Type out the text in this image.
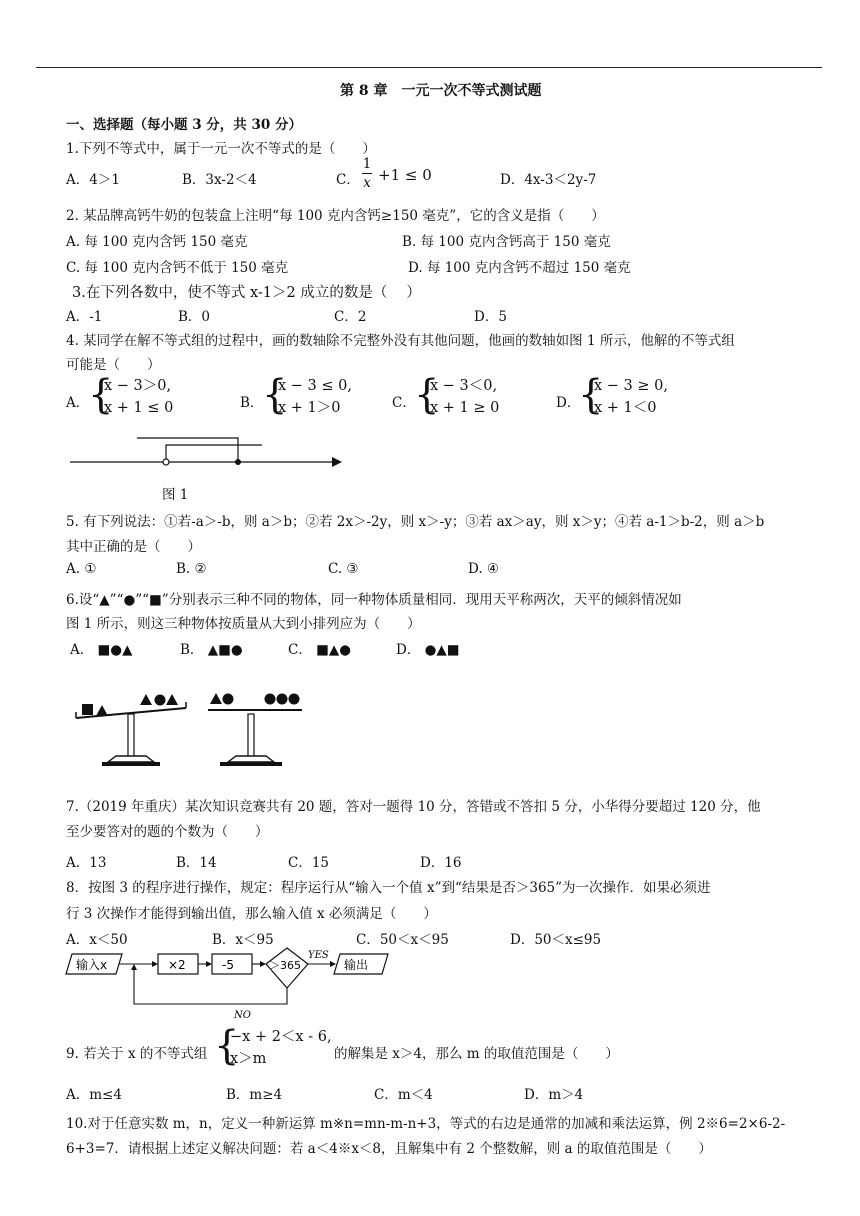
第 8 章　一元一次不等式测试题
一、选择题（每小题 3 分，共 30 分）
1.下列不等式中，属于一元一次不等式的是（　　）
A．4＞1	B．3x-2＜4	C．
1
x +1 ≤ 0	D．4x-3＜2y-7
2. 某品牌高钙牛奶的包装盒上注明“每 100 克内含钙≥150 毫克”，它的含义是指（　　）
A. 每 100 克内含钙 150 毫克	B. 每 100 克内含钙高于 150 毫克
C. 每 100 克内含钙不低于 150 毫克	D. 每 100 克内含钙不超过 150 毫克
3.在下列各数中，使不等式 x-1＞2 成立的数是（　 ）
A．-1	B．0	C．2	D．5
4. 某同学在解不等式组的过程中，画的数轴除不完整外没有其他问题，他画的数轴如图 1 所示，他解的不等式组
可能是（　　）
A．
{
x − 3＞0,
x + 1 ≤ 0	B．
{
x − 3 ≤ 0,
x + 1＞0	C．
{
x − 3＜0,
x + 1 ≥ 0	D．
{
x − 3 ≥ 0,
x + 1＜0
图 1
5. 有下列说法：①若-a＞-b，则 a＞b；②若 2x＞-2y，则 x＞-y；③若 ax＞ay，则 x＞y；④若 a-1＞b-2，则 a＞b
其中正确的是（　　）
A. ①	B. ②	C. ③	D. ④
6.设“▲”“●”“■”分别表示三种不同的物体，同一种物体质量相同．现用天平称两次，天平的倾斜情况如
图 1 所示，则这三种物体按质量从大到小排列应为（　　）
A． ■●▲	B． ▲■●	C． ■▲●	D． ●▲■
7.（2019 年重庆）某次知识竞赛共有 20 题，答对一题得 10 分，答错或不答扣 5 分，小华得分要超过 120 分，他
至少要答对的题的个数为（　　）
A．13	B．14	C．15	D．16
8．按图 3 的程序进行操作，规定：程序运行从“输入一个值 x”到“结果是否＞365”为一次操作．如果必须进
行 3 次操作才能得到输出值，那么输入值 x 必须满足（　　）
A．x＜50	B．x＜95	C．50＜x＜95	D．50＜x≤95
输入x	×2	-5	＞365
YES
输出
NO
9. 若关于 x 的不等式组 {
−x + 2＜x - 6,
x＞m	的解集是 x＞4，那么 m 的取值范围是（　　）
A．m≤4	B．m≥4	C．m＜4	D．m＞4
10.对于任意实数 m，n，定义一种新运算 m※n=mn-m-n+3，等式的右边是通常的加减和乘法运算，例 2※6=2×6-2-
6+3=7．请根据上述定义解决问题：若 a＜4※x＜8，且解集中有 2 个整数解，则 a 的取值范围是（　　）
